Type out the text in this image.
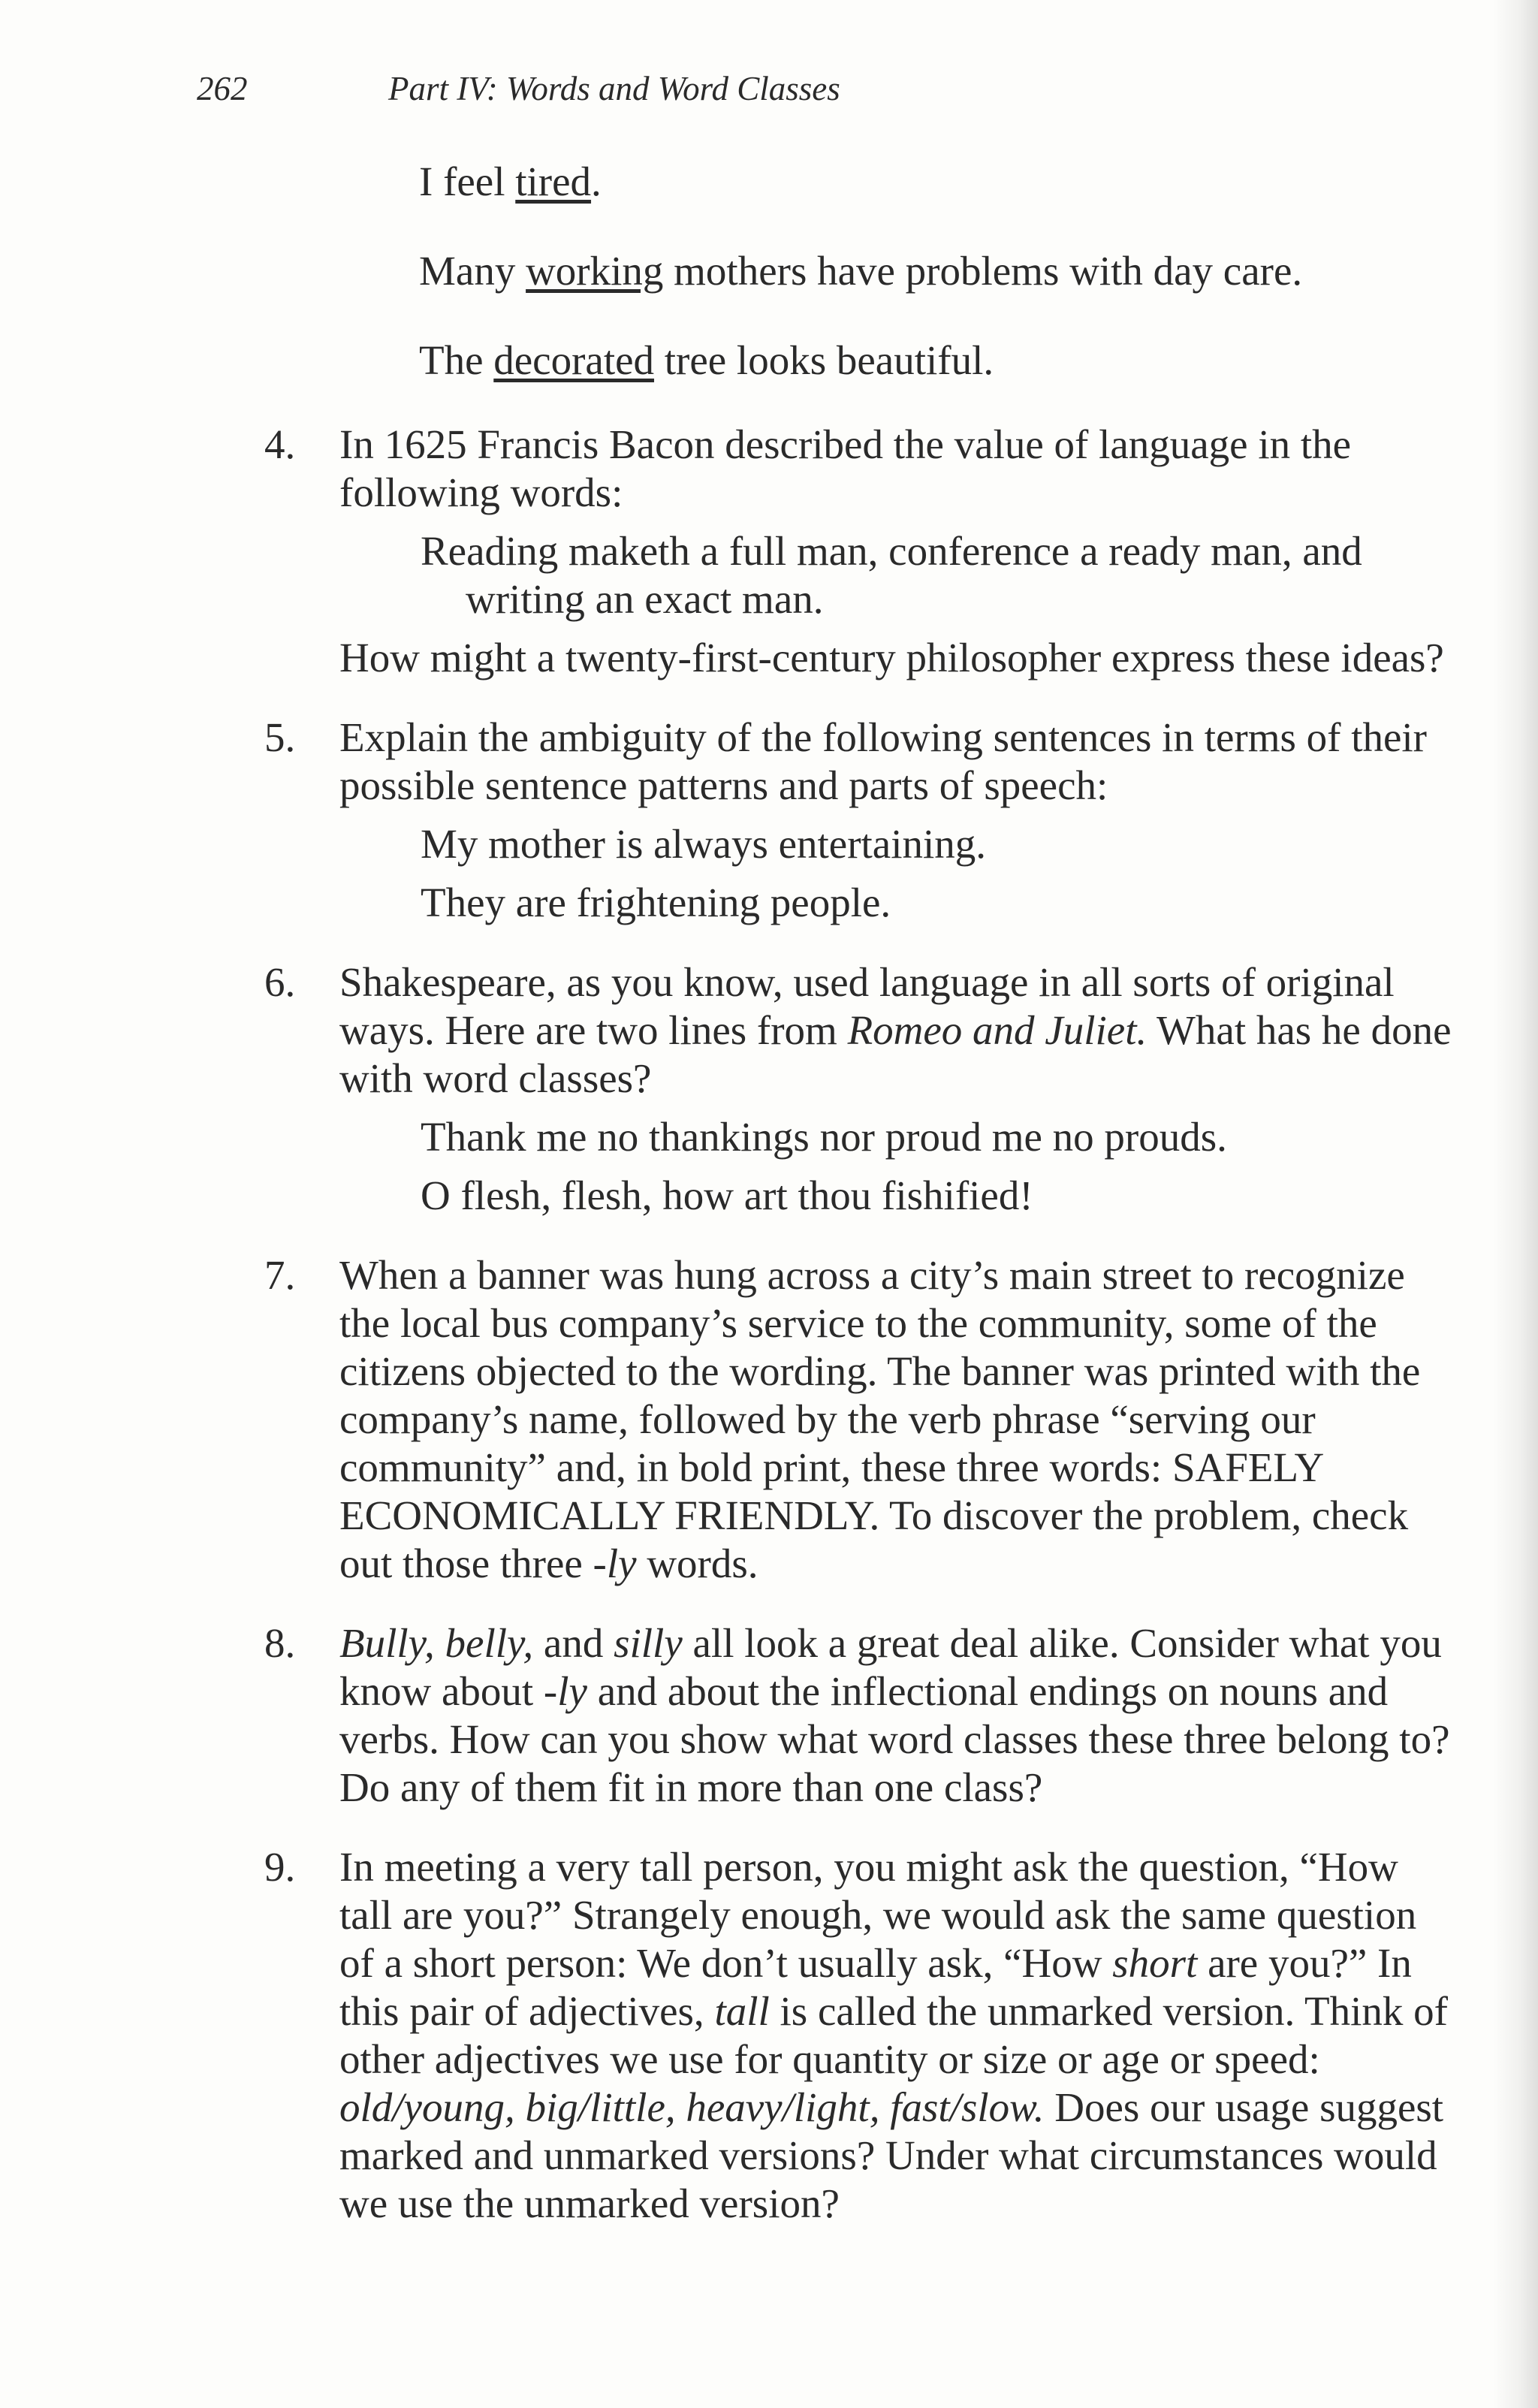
262	Part IV: Words and Word Classes

I feel tired.

Many working mothers have problems with day care.

The decorated tree looks beautiful.

4. In 1625 Francis Bacon described the value of language in the following words:

Reading maketh a full man, conference a ready man, and writing an exact man.

How might a twenty-first-century philosopher express these ideas?

5. Explain the ambiguity of the following sentences in terms of their possible sentence patterns and parts of speech:

My mother is always entertaining.

They are frightening people.

6. Shakespeare, as you know, used language in all sorts of original ways. Here are two lines from Romeo and Juliet. What has he done with word classes?

Thank me no thankings nor proud me no prouds.

O flesh, flesh, how art thou fishified!

7. When a banner was hung across a city’s main street to recognize the local bus company’s service to the community, some of the citizens objected to the wording. The banner was printed with the company’s name, followed by the verb phrase “serving our community” and, in bold print, these three words: SAFELY ECONOMICALLY FRIENDLY. To discover the problem, check out those three -ly words.

8. Bully, belly, and silly all look a great deal alike. Consider what you know about -ly and about the inflectional endings on nouns and verbs. How can you show what word classes these three belong to? Do any of them fit in more than one class?

9. In meeting a very tall person, you might ask the question, “How tall are you?” Strangely enough, we would ask the same question of a short person: We don’t usually ask, “How short are you?” In this pair of adjectives, tall is called the unmarked version. Think of other adjectives we use for quantity or size or age or speed: old/young, big/little, heavy/light, fast/slow. Does our usage suggest marked and unmarked versions? Under what circumstances would we use the unmarked version?
